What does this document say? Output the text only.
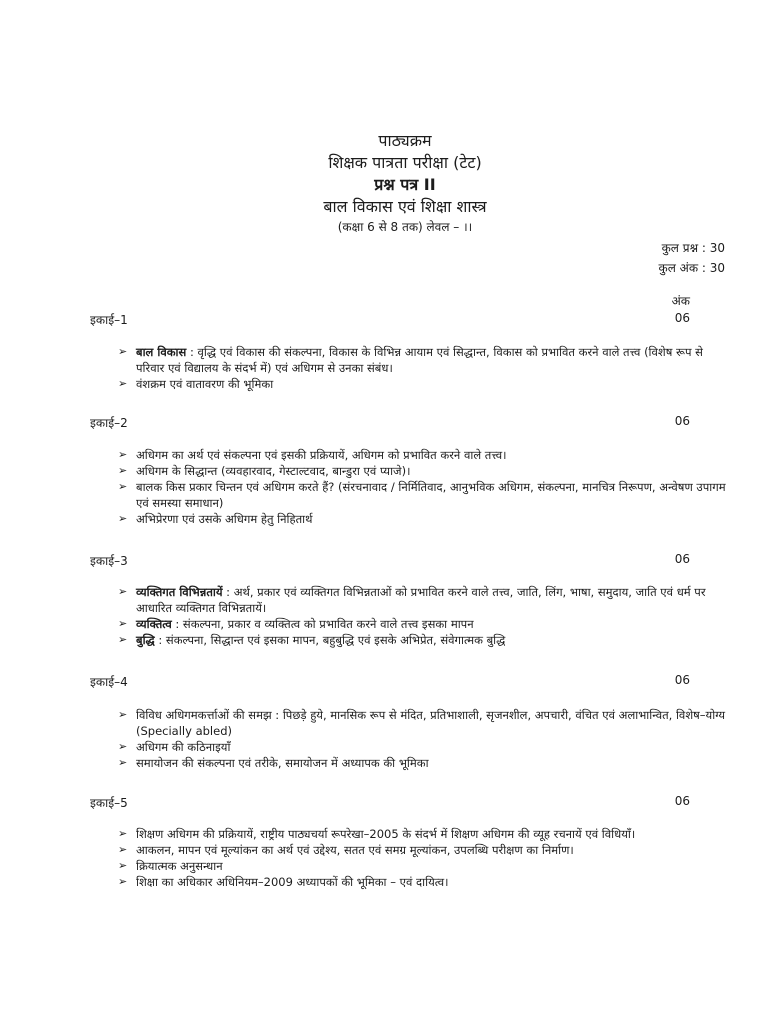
पाठ्यक्रम
शिक्षक पात्रता परीक्षा (टेट)
प्रश्न पत्र II
बाल विकास एवं शिक्षा शास्त्र
(कक्षा 6 से 8 तक) लेवल – ।।
कुल प्रश्न : 30
कुल अंक : 30
अंक
इकाई–1	06
➢ बाल विकास : वृद्धि एवं विकास की संकल्पना, विकास के विभिन्न आयाम एवं सिद्धान्त, विकास को प्रभावित करने वाले तत्त्व (विशेष रूप से परिवार एवं विद्यालय के संदर्भ में) एवं अधिगम से उनका संबंध।
➢ वंशक्रम एवं वातावरण की भूमिका
इकाई–2	06
➢ अधिगम का अर्थ एवं संकल्पना एवं इसकी प्रक्रियायें, अधिगम को प्रभावित करने वाले तत्त्व।
➢ अधिगम के सिद्धान्त (व्यवहारवाद, गेस्टाल्टवाद, बान्डुरा एवं प्याजे)।
➢ बालक किस प्रकार चिन्तन एवं अधिगम करते हैं? (संरचनावाद / निर्मितिवाद, आनुभविक अधिगम, संकल्पना, मानचित्र निरूपण, अन्वेषण उपागम एवं समस्या समाधान)
➢ अभिप्रेरणा एवं उसके अधिगम हेतु निहितार्थ
इकाई–3	06
➢ व्यक्तिगत विभिन्नतायें : अर्थ, प्रकार एवं व्यक्तिगत विभिन्नताओं को प्रभावित करने वाले तत्त्व, जाति, लिंग, भाषा, समुदाय, जाति एवं धर्म पर आधारित व्यक्तिगत विभिन्नतायें।
➢ व्यक्तित्व : संकल्पना, प्रकार व व्यक्तित्व को प्रभावित करने वाले तत्त्व इसका मापन
➢ बुद्धि : संकल्पना, सिद्धान्त एवं इसका मापन, बहुबुद्धि एवं इसके अभिप्रेत, संवेगात्मक बुद्धि
इकाई–4	06
➢ विविध अधिगमकर्त्ताओं की समझ : पिछड़े हुये, मानसिक रूप से मंदित, प्रतिभाशाली, सृजनशील, अपचारी, वंचित एवं अलाभान्वित, विशेष–योग्य (Specially abled)
➢ अधिगम की कठिनाइयाँ
➢ समायोजन की संकल्पना एवं तरीके, समायोजन में अध्यापक की भूमिका
इकाई–5	06
➢ शिक्षण अधिगम की प्रक्रियायें, राष्ट्रीय पाठ्यचर्या रूपरेखा–2005 के संदर्भ में शिक्षण अधिगम की व्यूह रचनायें एवं विधियाँ।
➢ आकलन, मापन एवं मूल्यांकन का अर्थ एवं उद्देश्य, सतत एवं समग्र मूल्यांकन, उपलब्धि परीक्षण का निर्माण।
➢ क्रियात्मक अनुसन्धान
➢ शिक्षा का अधिकार अधिनियम–2009 अध्यापकों की भूमिका – एवं दायित्व।
